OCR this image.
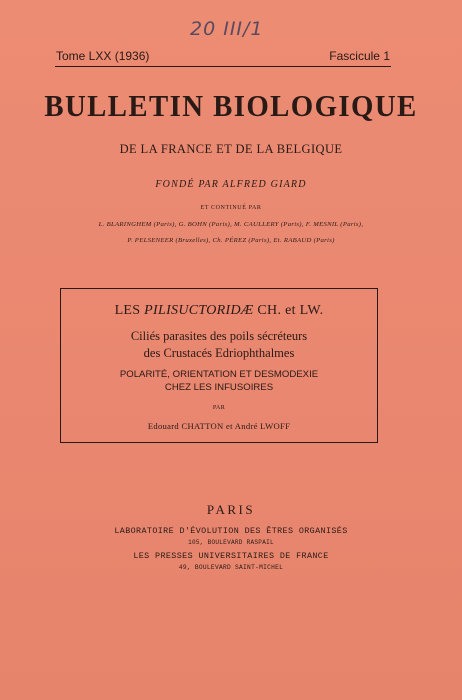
20 III/1
Tome LXX (1936)	Fascicule 1
BULLETIN BIOLOGIQUE
DE LA FRANCE ET DE LA BELGIQUE
FONDÉ PAR ALFRED GIARD
ET CONTINUÉ PAR
L. BLARINGHEM (Paris), G. BOHN (Paris), M. CAULLERY (Paris), F. MESNIL (Paris),
P. PELSENEER (Bruxelles), Ch. PÉREZ (Paris), Et. RABAUD (Paris)
LES PILISUCTORIDÆ CH. et LW.
Ciliés parasites des poils sécréteurs
des Crustacés Edriophthalmes
POLARITÉ, ORIENTATION ET DESMODEXIE
CHEZ LES INFUSOIRES
PAR
Edouard CHATTON et André LWOFF
PARIS
LABORATOIRE D'ÉVOLUTION DES ÊTRES ORGANISÉS
105, BOULEVARD RASPAIL
LES PRESSES UNIVERSITAIRES DE FRANCE
49, BOULEVARD SAINT-MICHEL
